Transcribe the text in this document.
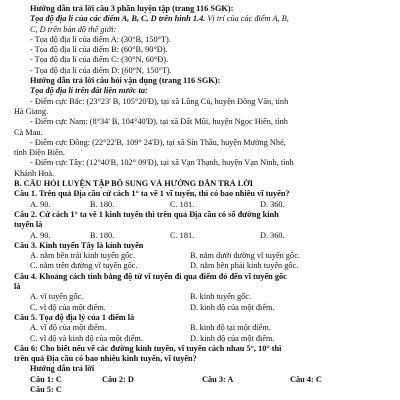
Hướng dẫn trả lời câu 3 phần luyện tập (trang 116 SGK):
Tọa độ địa lí của các điểm A, B, C, D trên hình 1.4. Vị trí của các điểm A, B,
C, D trên bản đồ thế giới:
- Tọa độ địa lí của điểm A: (30°B, 150°T).
- Tọa độ địa lí của điểm B: (60°B, 90°Đ).
- Tọa độ địa lí của điểm C: (30°N, 60°Đ).
- Tọa độ địa lí của điểm D: (60°N, 150°T).
Hướng dẫn trả lời câu hỏi vận dụng (trang 116 SGK):
Tọa độ địa lí trên đất liền nước ta:
- Điểm cực Bắc: (23°23' B, 105°20'Đ), tại xã Lũng Cú, huyện Đồng Văn, tỉnh
Hà Giang.
- Điểm cực Nam: (8°34' B, 104°40'Đ), tại xã Đất Mũi, huyện Ngọc Hiển, tỉnh
Cà Mau.
- Điểm cực Đông: (22°22'B, 109° 24'Đ), tại xã Sìn Thầu, huyện Mường Nhé,
tỉnh Điện Biên.
- Điểm cực Tây: (12°40'B, 102° 09'Đ), tại xã Vạn Thạnh, huyện Vạn Ninh, tỉnh
Khánh Hoà.
B. CÂU HỎI LUYỆN TẬP BỔ SUNG VÀ HƯỚNG DẪN TRẢ LỜI
Câu 1. Trên quả Địa cầu cứ cách 1° ta vẽ 1 vĩ tuyến, thì có bao nhiêu vĩ tuyến?
A. 90.	B. 180.	C. 181.	D. 360.
Câu 2. Cứ cách 1° ta vẽ 1 kinh tuyến thì trên quả Địa cầu có số đường kinh
tuyến là
A. 90.	B. 180.	C. 181.	D. 360.
Câu 3. Kinh tuyến Tây là kinh tuyến
A. nằm bên trái kinh tuyến gốc.	B. nằm dưới đường vĩ tuyến gốc.
C. nằm trên đường vĩ tuyến gốc.	D. nằm bên phải kinh tuyến gốc.
Câu 4. Khoảng cách tính bằng độ từ vĩ tuyến đi qua điểm đó đến vĩ tuyến gốc
là
A. vĩ tuyến gốc.	B. kinh tuyến gốc.
C. vĩ độ của một điểm.	D. kinh độ của một điểm.
Câu 5. Tọa độ địa lý của 1 điểm là
A. vĩ độ của một điểm.	B. kinh độ tại một điểm.
C. vĩ độ và kinh độ của một điểm.	D. kinh độ của một điểm.
Câu 6: Cho biết nếu vẽ các đường kinh tuyến, vĩ tuyến cách nhau 5°, 10° thì
trên quả Địa cầu có bao nhiêu kinh tuyến, vĩ tuyến?
Hướng dẫn trả lời
Câu 1: C	Câu 2: D	Câu 3: A	Câu 4: C
Câu 5: C
